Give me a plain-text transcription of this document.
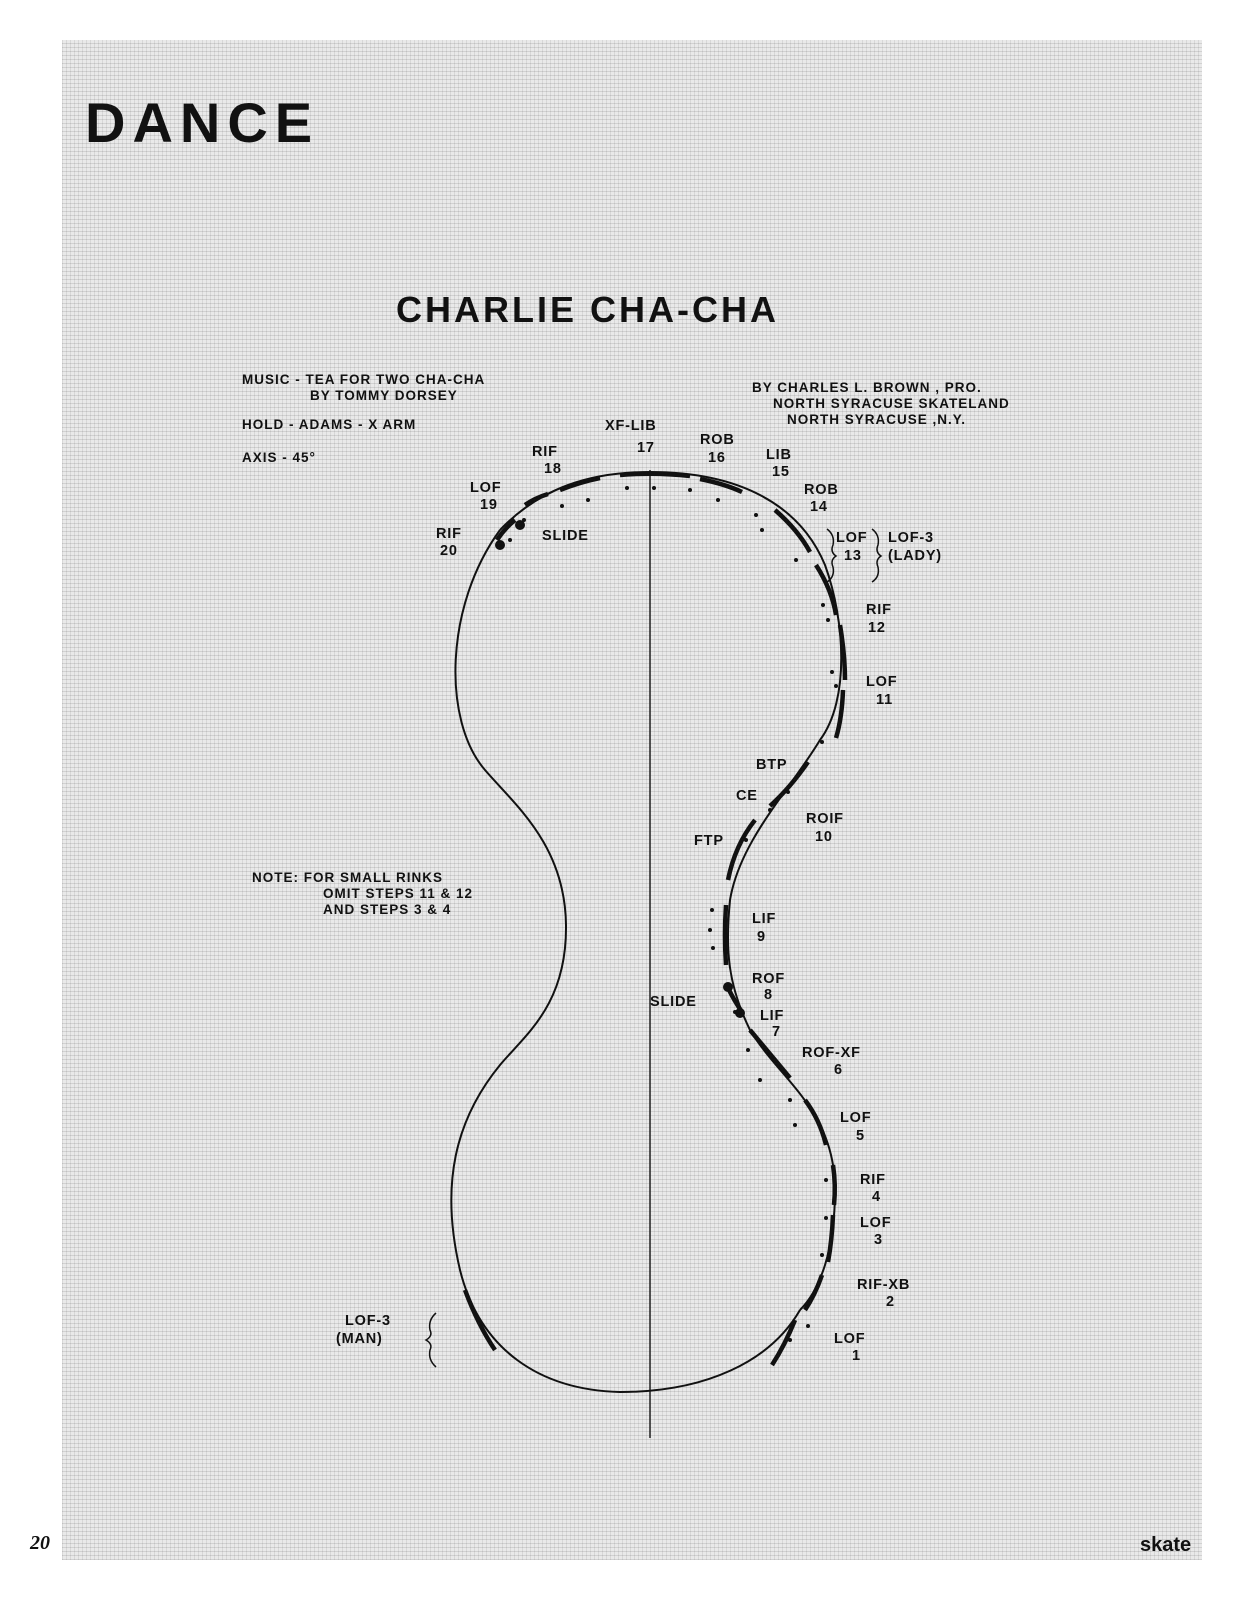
DANCE
CHARLIE CHA-CHA
MUSIC - TEA FOR TWO CHA-CHA
BY TOMMY DORSEY
HOLD - ADAMS - X ARM
AXIS - 45°
BY CHARLES L. BROWN , PRO.
NORTH SYRACUSE SKATELAND
NORTH SYRACUSE ,N.Y.
NOTE: FOR SMALL RINKS
OMIT STEPS 11 & 12
AND STEPS 3 & 4
LOF
1
RIF-XB
2
LOF
3
RIF
4
LOF
5
ROF-XF
6
LIF
7
ROF
8
LIF
9
ROIF
10
LOF
11
RIF
12
LOF
13
ROB
14
LIB
15
ROB
16
XF-LIB
17
RIF
18
LOF
19
RIF
20
LOF-3
(LADY)
LOF-3
(MAN)
SLIDE
SLIDE
BTP
CE
FTP
20	skate
